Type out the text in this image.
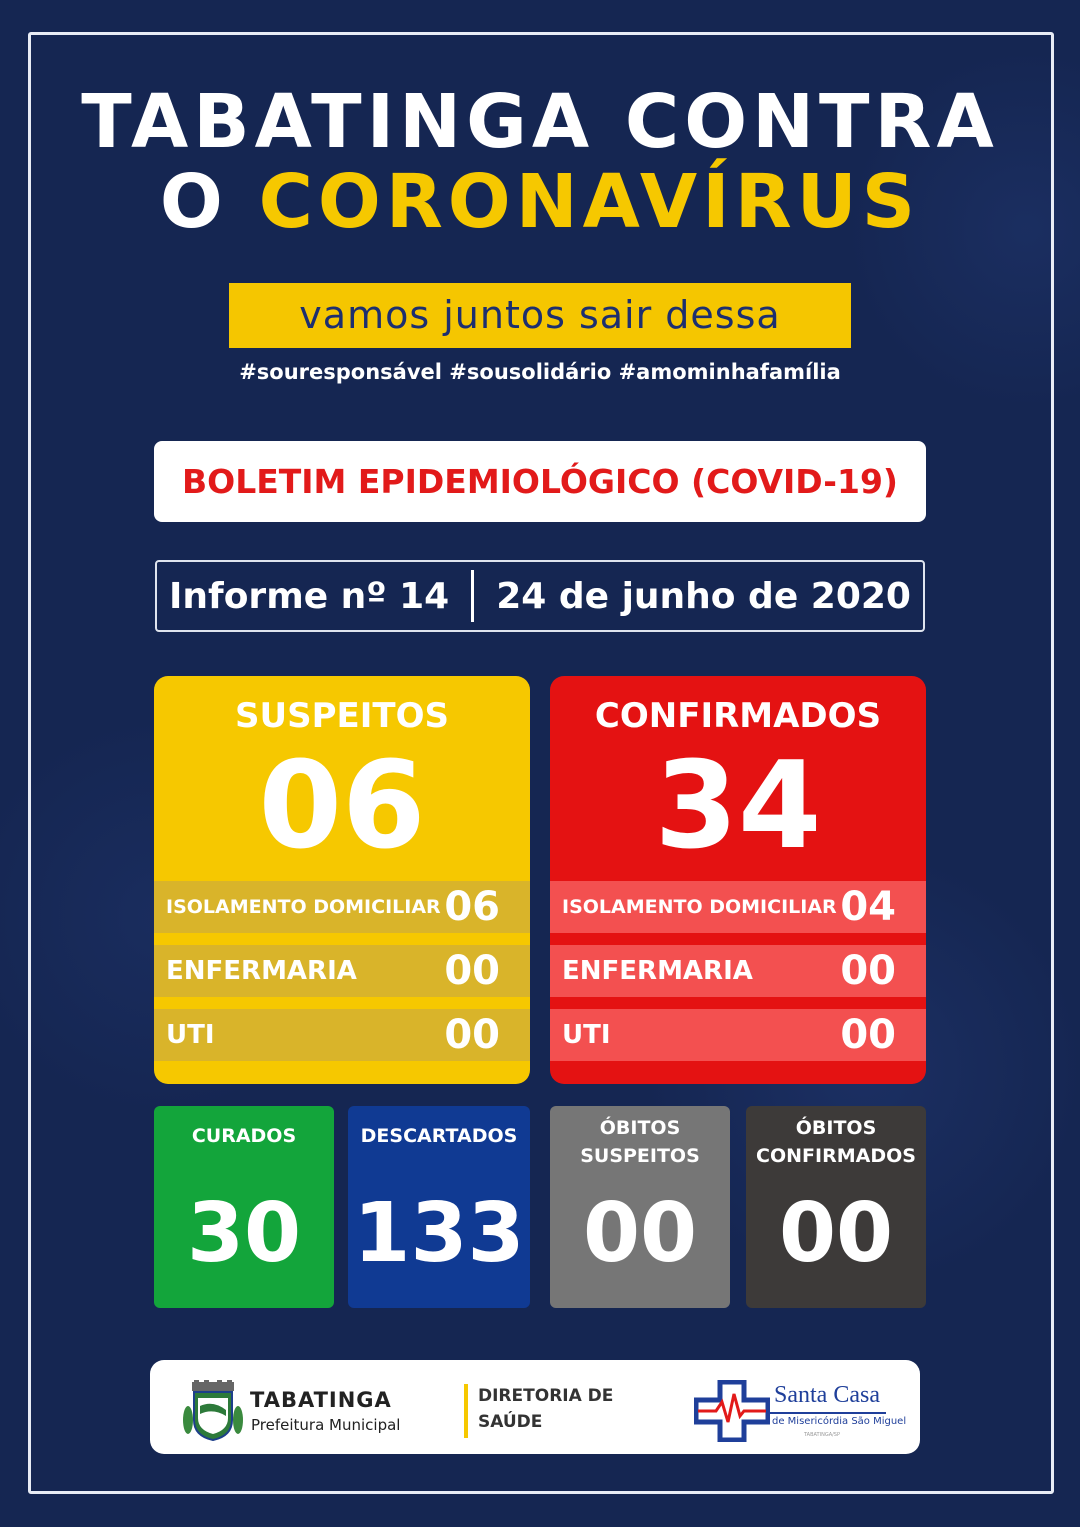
TABATINGA CONTRA
O CORONAVÍRUS
vamos juntos sair dessa
#souresponsável #sousolidário #amominhafamília
BOLETIM EPIDEMIOLÓGICO (COVID-19)
Informe nº 14 24 de junho de 2020
SUSPEITOS
06
ISOLAMENTO DOMICILIAR 06
ENFERMARIA 00
UTI	00
CONFIRMADOS
34
ISOLAMENTO DOMICILIAR 04
ENFERMARIA 00
UTI	00
CURADOS
30
DESCARTADOS
133
ÓBITOS
SUSPEITOS
00
ÓBITOS
CONFIRMADOS
00
TABATINGA
Prefeitura Municipal
DIRETORIA DE
SAÚDE
Santa Casa
de Misericórdia São Miguel
TABATINGA/SP
